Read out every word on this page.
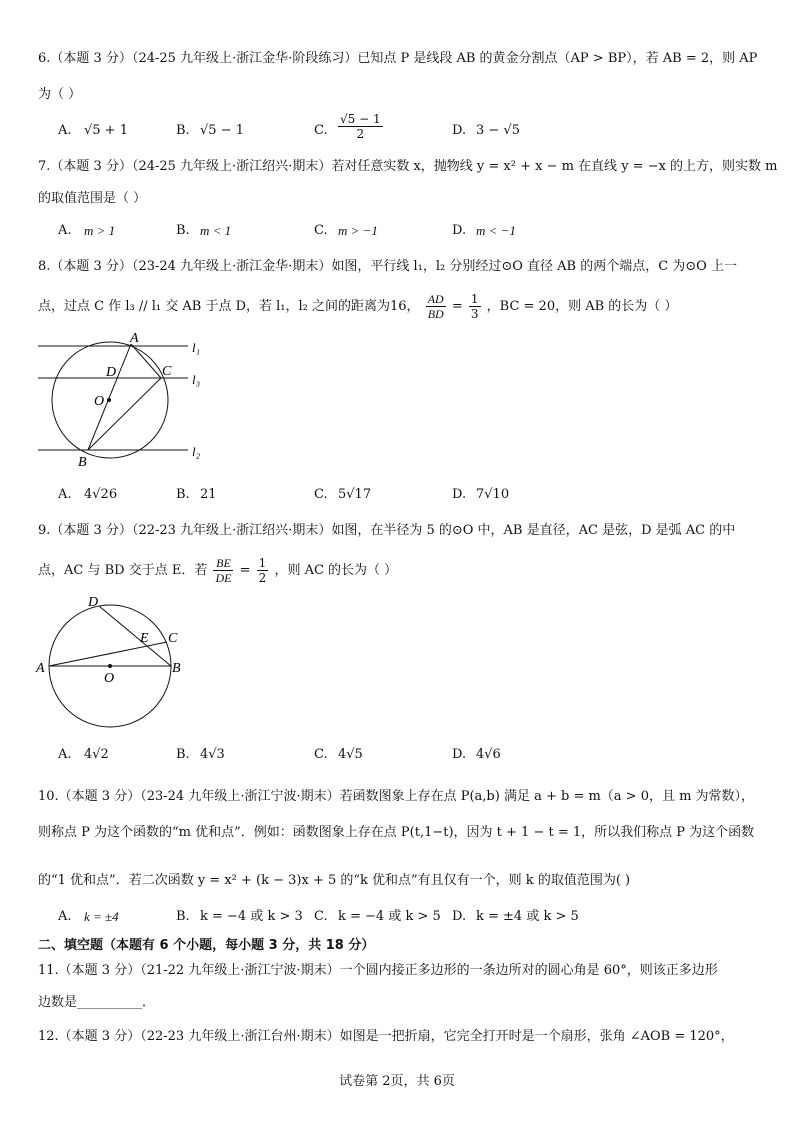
6.（本题 3 分）（24-25 九年级上·浙江金华·阶段练习）已知点 P 是线段 AB 的黄金分割点（AP > BP），若 AB = 2，则 AP
为（ ）
A. √5 + 1	B. √5 − 1	C. $\frac{√5 - 1}{2}$	D. 3 − √5
7.（本题 3 分）（24-25 九年级上·浙江绍兴·期末）若对任意实数 x，抛物线 y = x² + x − m 在直线 y = −x 的上方，则实数 m
的取值范围是（ ）
A. m > 1	B. m < 1	C. m > −1	D. m < −1
8.（本题 3 分）（23-24 九年级上·浙江金华·期末）如图，平行线 l₁，l₂ 分别经过⊙O 直径 AB 的两个端点，C 为⊙O 上一
点，过点 C 作 l₃ // l₁ 交 AB 于点 D，若 l₁，l₂ 之间的距离为16， $\frac{AD}{BD} = \frac{1}{3}$ ，BC = 20，则 AB 的长为（ ）
A
D	C
O
B
l₁
l₃
l₂
A. 4√26	B. 21	C. 5√17	D. 7√10
9.（本题 3 分）（22-23 九年级上·浙江绍兴·期末）如图，在半径为 5 的⊙O 中，AB 是直径，AC 是弦，D 是弧 AC 的中
点，AC 与 BD 交于点 E．若 $\frac{BE}{DE} = \frac{1}{2}$ ，则 AC 的长为（ ）
D
E C
A	B
O
A. 4√2	B. 4√3	C. 4√5	D. 4√6
10.（本题 3 分）（23-24 九年级上·浙江宁波·期末）若函数图象上存在点 P(a,b) 满足 a + b = m（a > 0，且 m 为常数），
则称点 P 为这个函数的“m 优和点”．例如：函数图象上存在点 P(t,1−t)，因为 t + 1 − t = 1，所以我们称点 P 为这个函数
的“1 优和点”．若二次函数 y = x² + (k − 3)x + 5 的“k 优和点”有且仅有一个，则 k 的取值范围为( )
A. k = ±4	B. k = −4 或 k > 3 C. k = −4 或 k > 5 D. k = ±4 或 k > 5
二、填空题（本题有 6 个小题，每小题 3 分，共 18 分）
11.（本题 3 分）（21-22 九年级上·浙江宁波·期末）一个圆内接正多边形的一条边所对的圆心角是 60°，则该正多边形
边数是__________．
12.（本题 3 分）（22-23 九年级上·浙江台州·期末）如图是一把折扇，它完全打开时是一个扇形，张角 ∠AOB = 120°，
试卷第 2页，共 6页
